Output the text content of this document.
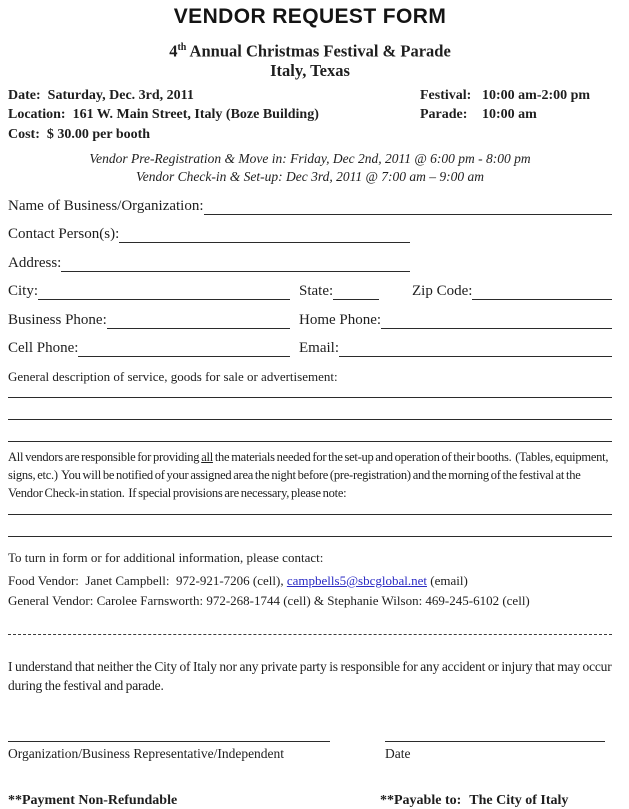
VENDOR REQUEST FORM
4th Annual Christmas Festival & Parade
Italy, Texas
Date: Saturday, Dec. 3rd, 2011	Festival: 10:00 am-2:00 pm
Location: 161 W. Main Street, Italy (Boze Building)	Parade: 10:00 am
Cost: $ 30.00 per booth
Vendor Pre-Registration & Move in: Friday, Dec 2nd, 2011 @ 6:00 pm - 8:00 pm
Vendor Check-in & Set-up: Dec 3rd, 2011 @ 7:00 am – 9:00 am
Name of Business/Organization:
Contact Person(s):
Address:
City:	State:	Zip Code:
Business Phone:	Home Phone:
Cell Phone:	Email:
General description of service, goods for sale or advertisement:
All vendors are responsible for providing all the materials needed for the set-up and operation of their booths.  (Tables, equipment, signs, etc.)  You will be notified of your assigned area the night before (pre-registration) and the morning of the festival at the Vendor Check-in station.  If special provisions are necessary, please note:
To turn in form or for additional information, please contact:
Food Vendor:  Janet Campbell:  972-921-7206 (cell), campbells5@sbcglobal.net (email)
General Vendor: Carolee Farnsworth: 972-268-1744 (cell) & Stephanie Wilson: 469-245-6102 (cell)
I understand that neither the City of Italy nor any private party is responsible for any accident or injury that may occur during the festival and parade.
Organization/Business Representative/Independent	Date
**Payment Non-Refundable	**Payable to: The City of Italy
